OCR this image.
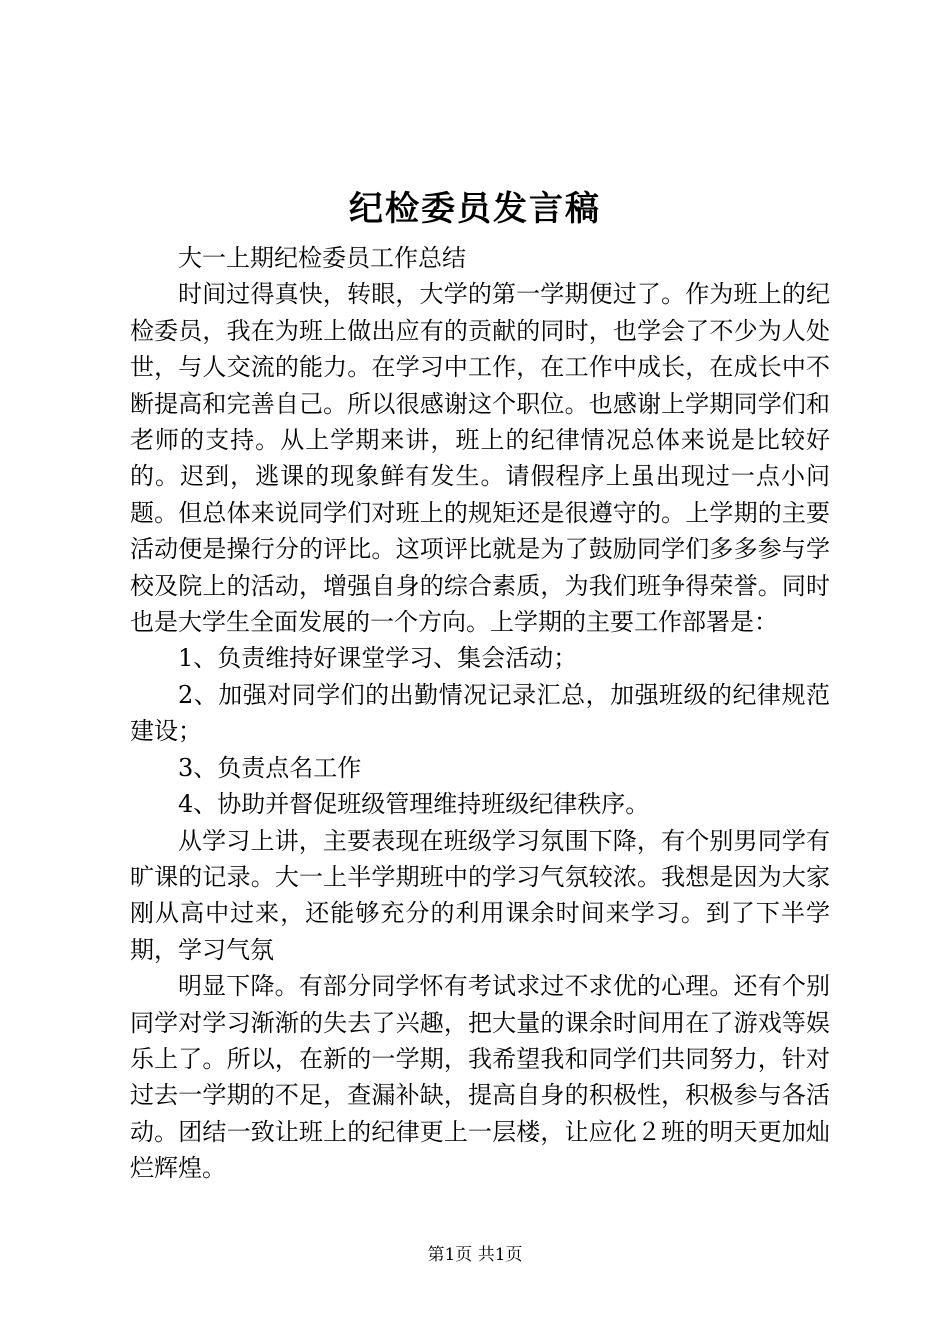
纪检委员发言稿

大一上期纪检委员工作总结

时间过得真快，转眼，大学的第一学期便过了。作为班上的纪检委员，我在为班上做出应有的贡献的同时，也学会了不少为人处世，与人交流的能力。在学习中工作，在工作中成长，在成长中不断提高和完善自己。所以很感谢这个职位。也感谢上学期同学们和老师的支持。从上学期来讲，班上的纪律情况总体来说是比较好的。迟到，逃课的现象鲜有发生。请假程序上虽出现过一点小问题。但总体来说同学们对班上的规矩还是很遵守的。上学期的主要活动便是操行分的评比。这项评比就是为了鼓励同学们多多参与学校及院上的活动，增强自身的综合素质，为我们班争得荣誉。同时也是大学生全面发展的一个方向。上学期的主要工作部署是：

1、负责维持好课堂学习、集会活动；

2、加强对同学们的出勤情况记录汇总，加强班级的纪律规范建设；

3、负责点名工作

4、协助并督促班级管理维持班级纪律秩序。

从学习上讲，主要表现在班级学习氛围下降，有个别男同学有旷课的记录。大一上半学期班中的学习气氛较浓。我想是因为大家刚从高中过来，还能够充分的利用课余时间来学习。到了下半学期，学习气氛

明显下降。有部分同学怀有考试求过不求优的心理。还有个别同学对学习渐渐的失去了兴趣，把大量的课余时间用在了游戏等娱乐上了。所以，在新的一学期，我希望我和同学们共同努力，针对过去一学期的不足，查漏补缺，提高自身的积极性，积极参与各活动。团结一致让班上的纪律更上一层楼，让应化２班的明天更加灿烂辉煌。

第1页 共1页
